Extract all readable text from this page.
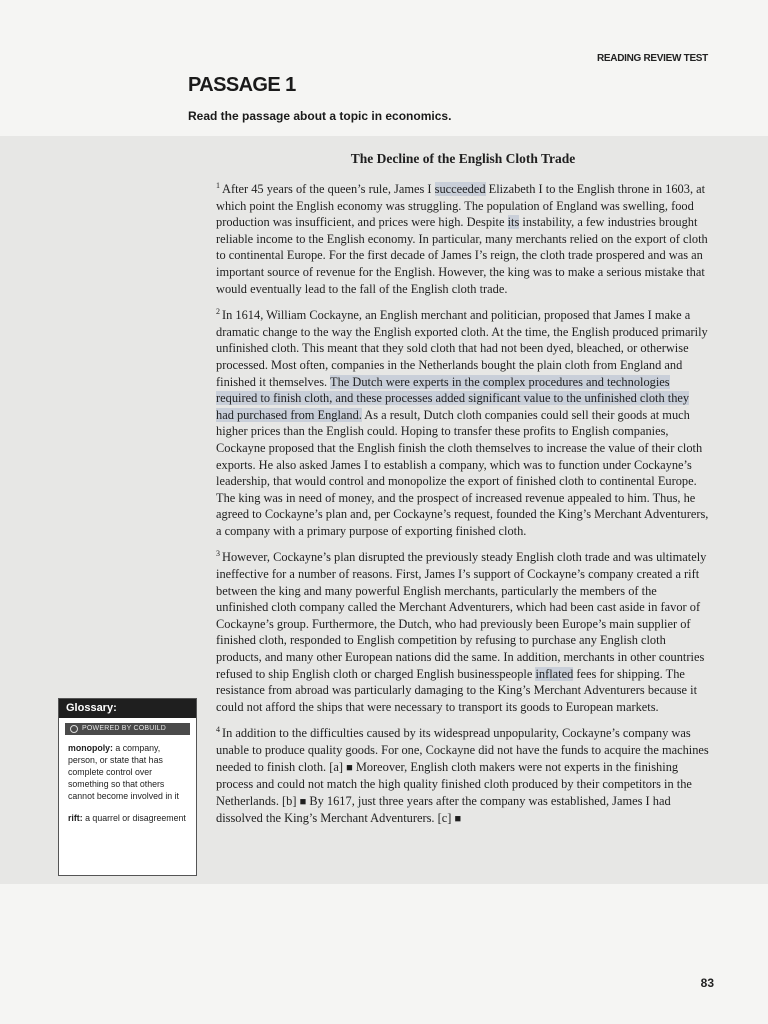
READING REVIEW TEST
PASSAGE 1
Read the passage about a topic in economics.
The Decline of the English Cloth Trade

$^1$ After 45 years of the queen’s rule, James I succeeded Elizabeth I to the English throne in 1603, at which point the English economy was struggling. The population of England was swelling, food production was insufficient, and prices were high. Despite its instability, a few industries brought reliable income to the English economy. In particular, many merchants relied on the export of cloth to continental Europe. For the first decade of James I’s reign, the cloth trade prospered and was an important source of revenue for the English. However, the king was to make a serious mistake that would eventually lead to the fall of the English cloth trade.

$^2$ In 1614, William Cockayne, an English merchant and politician, proposed that James I make a dramatic change to the way the English exported cloth. At the time, the English produced primarily unfinished cloth. This meant that they sold cloth that had not been dyed, bleached, or otherwise processed. Most often, companies in the Netherlands bought the plain cloth from England and finished it themselves. The Dutch were experts in the complex procedures and technologies required to finish cloth, and these processes added significant value to the unfinished cloth they had purchased from England. As a result, Dutch cloth companies could sell their goods at much higher prices than the English could. Hoping to transfer these profits to English companies, Cockayne proposed that the English finish the cloth themselves to increase the value of their cloth exports. He also asked James I to establish a company, which was to function under Cockayne’s leadership, that would control and monopolize the export of finished cloth to continental Europe. The king was in need of money, and the prospect of increased revenue appealed to him. Thus, he agreed to Cockayne’s plan and, per Cockayne’s request, founded the King’s Merchant Adventurers, a company with a primary purpose of exporting finished cloth.

$^3$ However, Cockayne’s plan disrupted the previously steady English cloth trade and was ultimately ineffective for a number of reasons. First, James I’s support of Cockayne’s company created a rift between the king and many powerful English merchants, particularly the members of the unfinished cloth company called the Merchant Adventurers, which had been cast aside in favor of Cockayne’s group. Furthermore, the Dutch, who had previously been Europe’s main supplier of finished cloth, responded to English competition by refusing to purchase any English cloth products, and many other European nations did the same. In addition, merchants in other countries refused to ship English cloth or charged English businesspeople inflated fees for shipping. The resistance from abroad was particularly damaging to the King’s Merchant Adventurers because it could not afford the ships that were necessary to transport its goods to European markets.

$^4$ In addition to the difficulties caused by its widespread unpopularity, Cockayne’s company was unable to produce quality goods. For one, Cockayne did not have the funds to acquire the machines needed to finish cloth. [a] ■ Moreover, English cloth makers were not experts in the finishing process and could not match the high quality finished cloth produced by their competitors in the Netherlands. [b] ■ By 1617, just three years after the company was established, James I had dissolved the King’s Merchant Adventurers. [c] ■

Glossary:
POWERED BY COBUILD
monopoly: a company, person, or state that has complete control over something so that others cannot become involved in it
rift: a quarrel or disagreement
83
